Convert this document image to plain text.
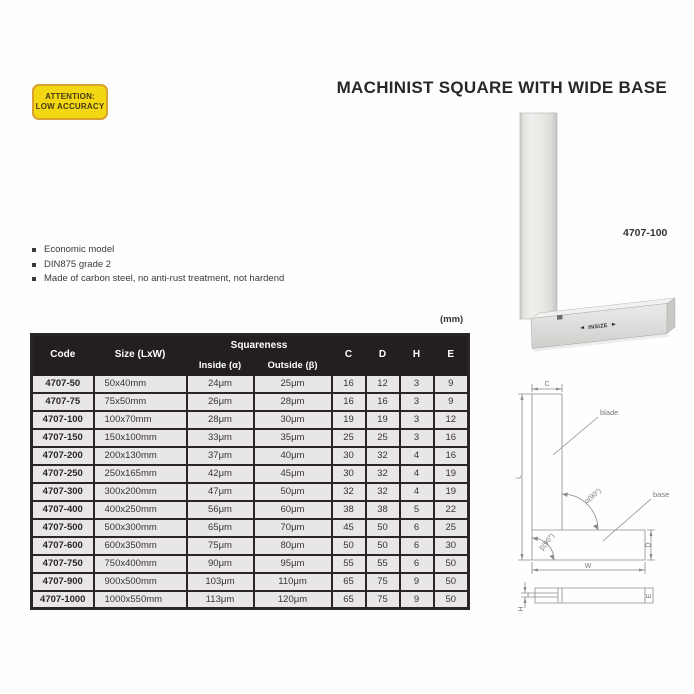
ATTENTION:
LOW ACCURACY
MACHINIST SQUARE WITH WIDE BASE
Economic model
DIN875 grade 2
Made of carbon steel, no anti-rust treatment, not hardend
INSIZE
4707-100
(mm)
Code	Size (LxW)	Squareness		C	D	H	E
		Inside (α)	Outside (β)				
4707-50	50x40mm	24μm	25μm	16	12	3	9
4707-75	75x50mm	26μm	28μm	16	16	3	9
4707-100	100x70mm	28μm	30μm	19	19	3	12
4707-150	150x100mm	33μm	35μm	25	25	3	16
4707-200	200x130mm	37μm	40μm	30	32	4	16
4707-250	250x165mm	42μm	45μm	30	32	4	19
4707-300	300x200mm	47μm	50μm	32	32	4	19
4707-400	400x250mm	56μm	60μm	38	38	5	22
4707-500	500x300mm	65μm	70μm	45	50	6	25
4707-600	600x350mm	75μm	80μm	50	50	6	30
4707-750	750x400mm	90μm	95μm	55	55	6	50
4707-900	900x500mm	103μm	110μm	65	75	9	50
4707-1000	1000x550mm	113μm	120μm	65	75	9	50
C
L
W
D
α(90°)
β(90°)
blade
base
E
H
